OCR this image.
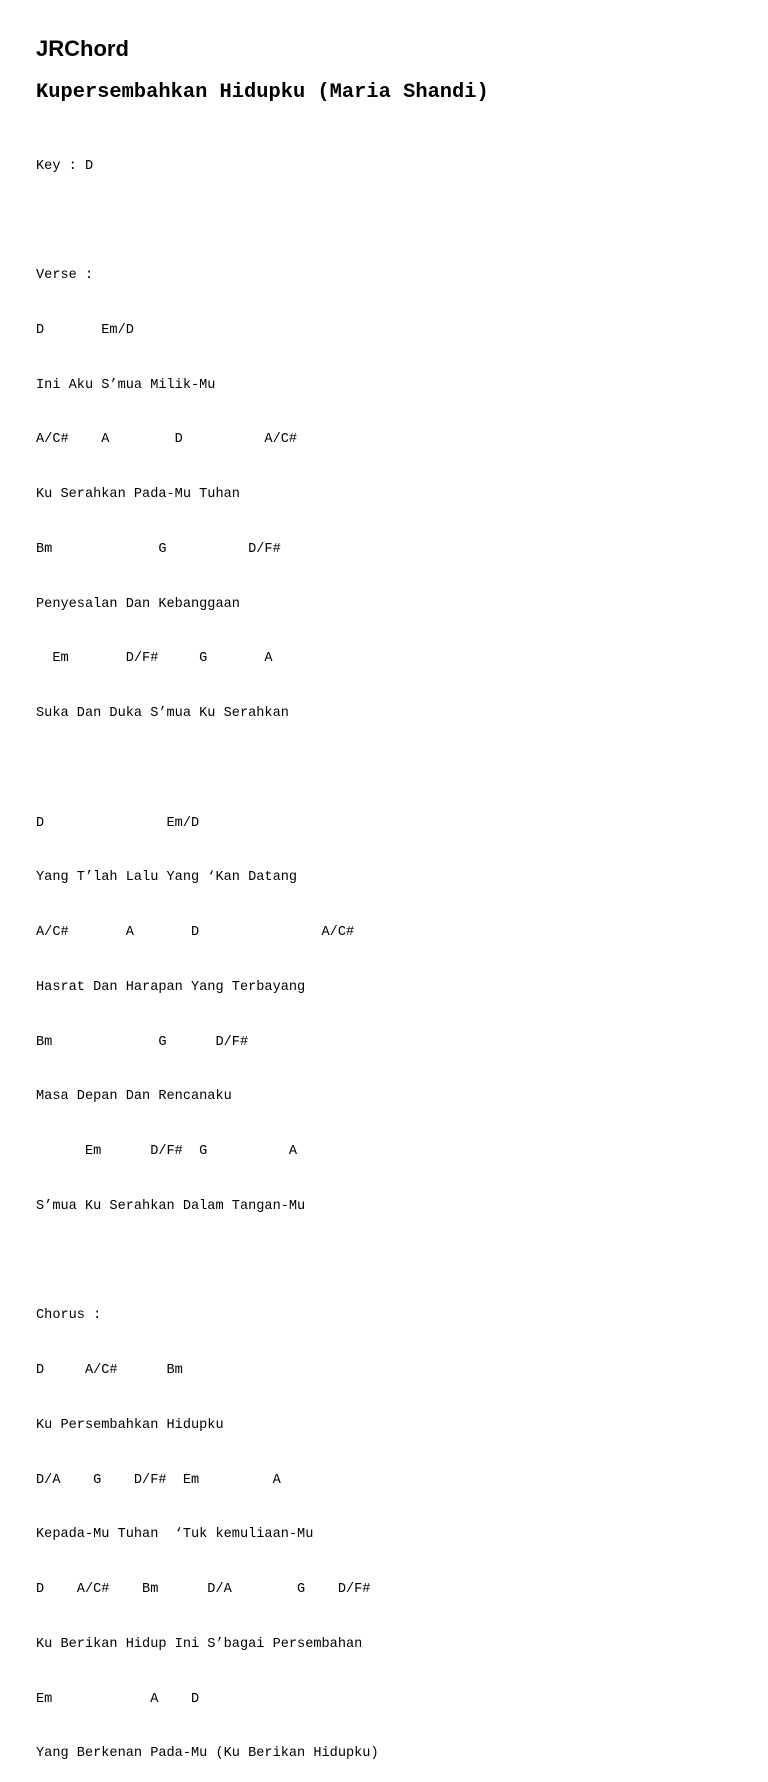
JRChord
Kupersembahkan Hidupku (Maria Shandi)

Key : D

Verse :

D       Em/D

Ini Aku S’mua Milik-Mu

A/C#    A        D          A/C#

Ku Serahkan Pada-Mu Tuhan

Bm             G          D/F#

Penyesalan Dan Kebanggaan

Em       D/F#     G       A

Suka Dan Duka S’mua Ku Serahkan

D               Em/D

Yang T’lah Lalu Yang ‘Kan Datang

A/C#       A       D               A/C#

Hasrat Dan Harapan Yang Terbayang

Bm             G      D/F#

Masa Depan Dan Rencanaku

Em      D/F#  G          A

S’mua Ku Serahkan Dalam Tangan-Mu

Chorus :

D     A/C#      Bm

Ku Persembahkan Hidupku

D/A    G    D/F#  Em         A

Kepada-Mu Tuhan  ‘Tuk kemuliaan-Mu

D    A/C#    Bm      D/A        G    D/F#

Ku Berikan Hidup Ini S’bagai Persembahan

Em            A    D

Yang Berkenan Pada-Mu (Ku Berikan Hidupku)
